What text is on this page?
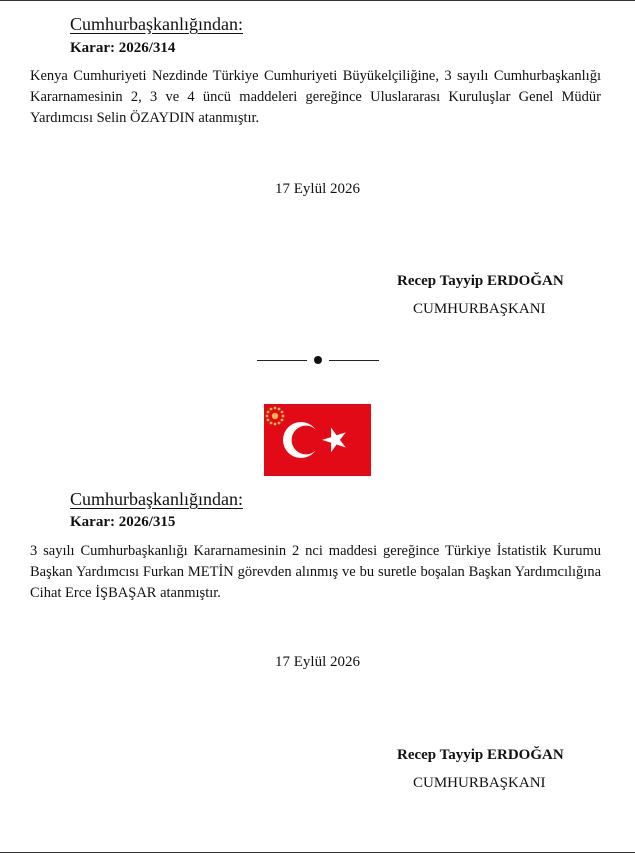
Cumhurbaşkanlığından:
Karar: 2026/314
Kenya Cumhuriyeti Nezdinde Türkiye Cumhuriyeti Büyükelçiliğine, 3 sayılı Cumhurbaşkanlığı Kararnamesinin 2, 3 ve 4 üncü maddeleri gereğince Uluslararası Kuruluşlar Genel Müdür Yardımcısı Selin ÖZAYDIN atanmıştır.
17 Eylül 2026
Recep Tayyip ERDOĞAN
CUMHURBAŞKANI
Cumhurbaşkanlığından:
Karar: 2026/315
3 sayılı Cumhurbaşkanlığı Kararnamesinin 2 nci maddesi gereğince Türkiye İstatistik Kurumu Başkan Yardımcısı Furkan METİN görevden alınmış ve bu suretle boşalan Başkan Yardımcılığına Cihat Erce İŞBAŞAR atanmıştır.
17 Eylül 2026
Recep Tayyip ERDOĞAN
CUMHURBAŞKANI
